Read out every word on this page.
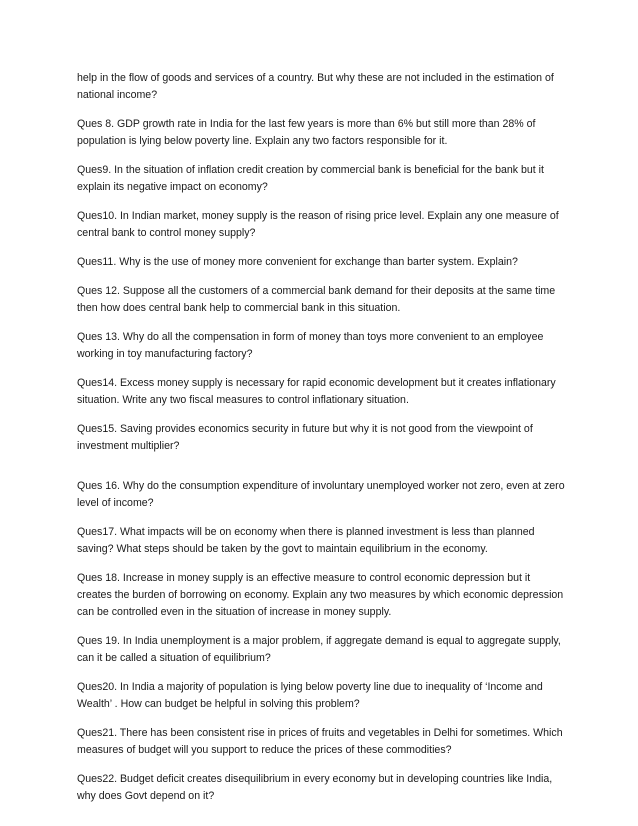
help in the flow of goods and services of a country. But why these are not included in the estimation of national income?

Ques 8. GDP growth rate in India for the last few years is more than 6% but still more than 28% of population is lying below poverty line. Explain any two factors responsible for it.

Ques9. In the situation of inflation credit creation by commercial bank is beneficial for the bank but it explain its negative impact on economy?

Ques10. In Indian market, money supply is the reason of rising price level. Explain any one measure of central bank to control money supply?

Ques11. Why is the use of money more convenient for exchange than barter system. Explain?

Ques 12. Suppose all the customers of a commercial bank demand for their deposits at the same time then how does central bank help to commercial bank in this situation.

Ques 13. Why do all the compensation in form of money than toys more convenient to an employee working in toy manufacturing factory?

Ques14. Excess money supply is necessary for rapid economic development but it creates inflationary situation. Write any two fiscal measures to control inflationary situation.

Ques15. Saving provides economics security in future but why it is not good from the viewpoint of investment multiplier?

Ques 16. Why do the consumption expenditure of involuntary unemployed worker not zero, even at zero level of income?

Ques17. What impacts will be on economy when there is planned investment is less than planned saving? What steps should be taken by the govt to maintain equilibrium in the economy.

Ques 18. Increase in money supply is an effective measure to control economic depression but it creates the burden of borrowing on economy. Explain any two measures by which economic depression can be controlled even in the situation of increase in money supply.

Ques 19. In India unemployment is a major problem, if aggregate demand is equal to aggregate supply, can it be called a situation of equilibrium?

Ques20. In India a majority of population is lying below poverty line due to inequality of ‘Income and Wealth’ . How can budget be helpful in solving this problem?

Ques21. There has been consistent rise in prices of fruits and vegetables in Delhi for sometimes. Which measures of budget will you support to reduce the prices of these commodities?

Ques22. Budget deficit creates disequilibrium in every economy but in developing countries like India, why does Govt depend on it?
